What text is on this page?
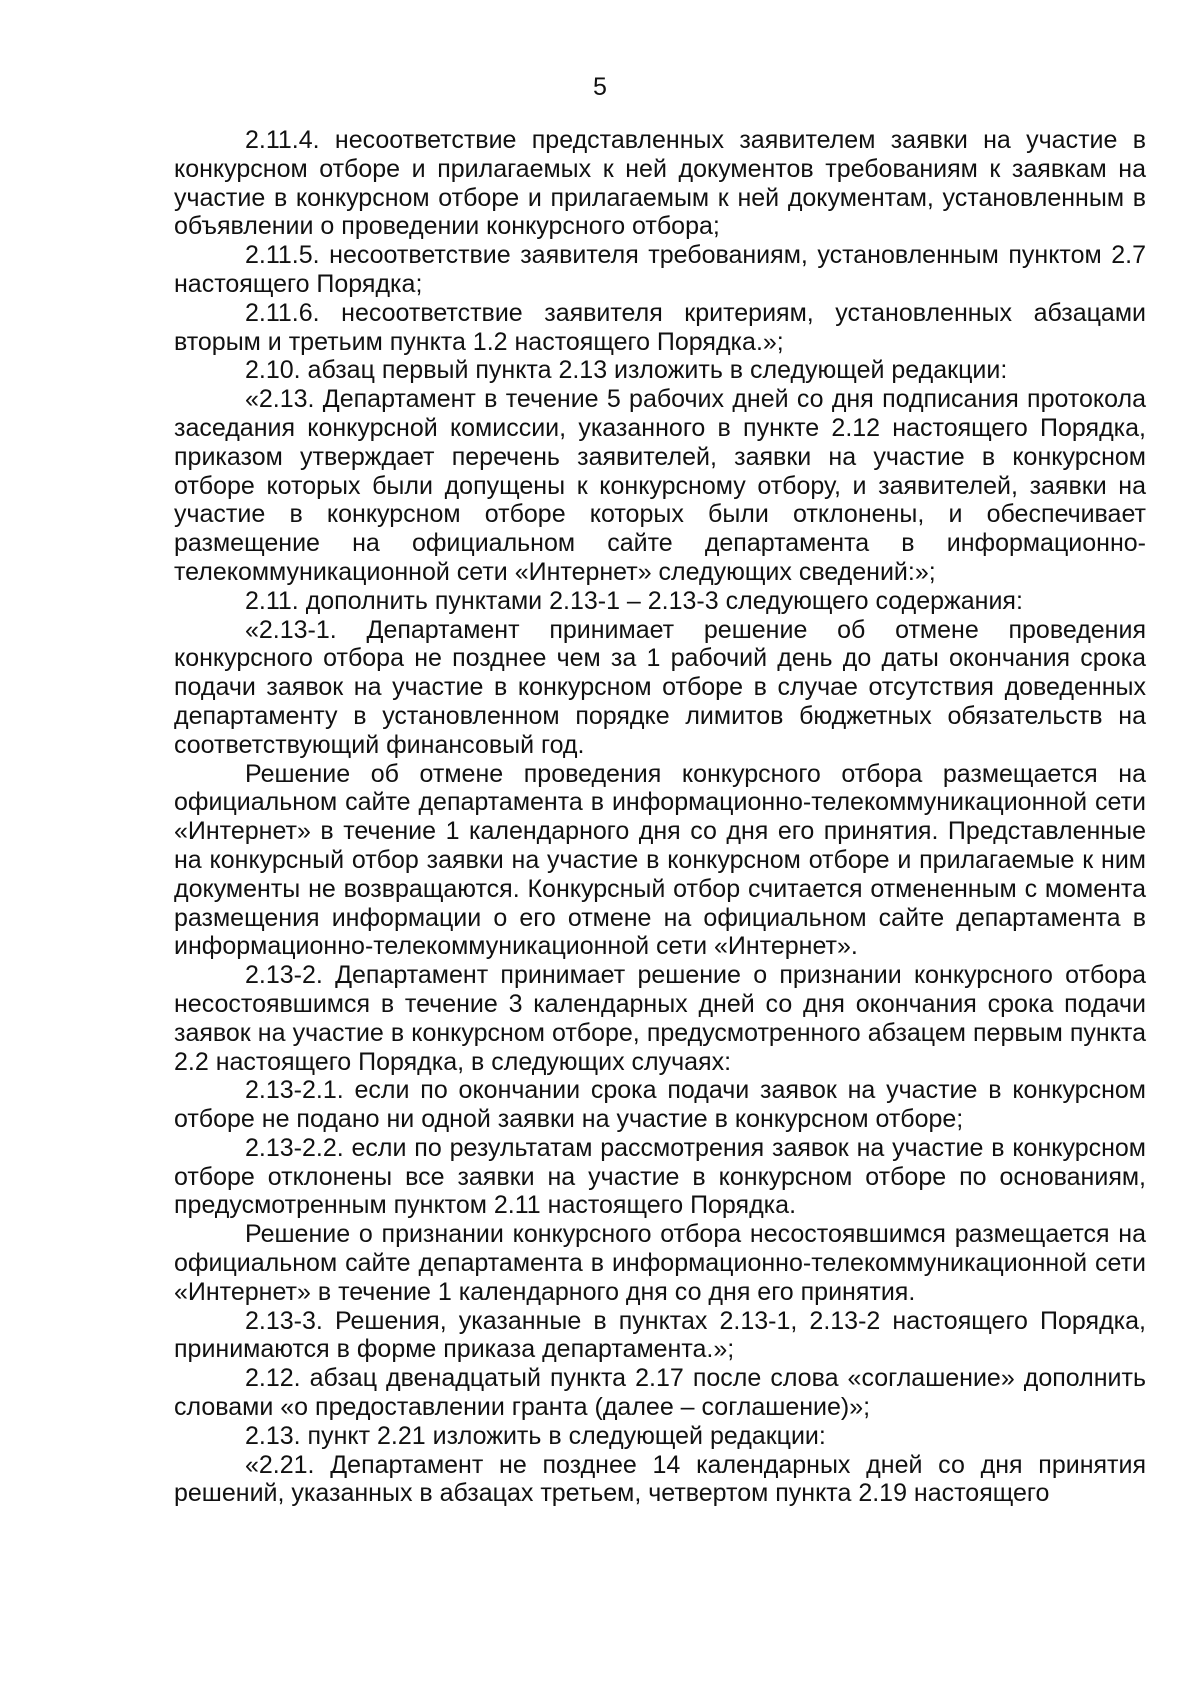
5

2.11.4. несоответствие представленных заявителем заявки на участие в конкурсном отборе и прилагаемых к ней документов требованиям к заявкам на участие в конкурсном отборе и прилагаемым к ней документам, установленным в объявлении о проведении конкурсного отбора;

2.11.5. несоответствие заявителя требованиям, установленным пунктом 2.7 настоящего Порядка;

2.11.6. несоответствие заявителя критериям, установленных абзацами вторым и третьим пункта 1.2 настоящего Порядка.»;

2.10. абзац первый пункта 2.13 изложить в следующей редакции:

«2.13. Департамент в течение 5 рабочих дней со дня подписания протокола заседания конкурсной комиссии, указанного в пункте 2.12 настоящего Порядка, приказом утверждает перечень заявителей, заявки на участие в конкурсном отборе которых были допущены к конкурсному отбору, и заявителей, заявки на участие в конкурсном отборе которых были отклонены, и обеспечивает размещение на официальном сайте департамента в информационно-телекоммуникационной сети «Интернет» следующих сведений:»;

2.11. дополнить пунктами 2.13-1 – 2.13-3 следующего содержания:

«2.13-1. Департамент принимает решение об отмене проведения конкурсного отбора не позднее чем за 1 рабочий день до даты окончания срока подачи заявок на участие в конкурсном отборе в случае отсутствия доведенных департаменту в установленном порядке лимитов бюджетных обязательств на соответствующий финансовый год.

Решение об отмене проведения конкурсного отбора размещается на официальном сайте департамента в информационно-телекоммуникационной сети «Интернет» в течение 1 календарного дня со дня его принятия. Представленные на конкурсный отбор заявки на участие в конкурсном отборе и прилагаемые к ним документы не возвращаются. Конкурсный отбор считается отмененным с момента размещения информации о его отмене на официальном сайте департамента в информационно-телекоммуникационной сети «Интернет».

2.13-2. Департамент принимает решение о признании конкурсного отбора несостоявшимся в течение 3 календарных дней со дня окончания срока подачи заявок на участие в конкурсном отборе, предусмотренного абзацем первым пункта 2.2 настоящего Порядка, в следующих случаях:

2.13-2.1. если по окончании срока подачи заявок на участие в конкурсном отборе не подано ни одной заявки на участие в конкурсном отборе;

2.13-2.2. если по результатам рассмотрения заявок на участие в конкурсном отборе отклонены все заявки на участие в конкурсном отборе по основаниям, предусмотренным пунктом 2.11 настоящего Порядка.

Решение о признании конкурсного отбора несостоявшимся размещается на официальном сайте департамента в информационно-телекоммуникационной сети «Интернет» в течение 1 календарного дня со дня его принятия.

2.13-3. Решения, указанные в пунктах 2.13-1, 2.13-2 настоящего Порядка, принимаются в форме приказа департамента.»;

2.12. абзац двенадцатый пункта 2.17 после слова «соглашение» дополнить словами «о предоставлении гранта (далее – соглашение)»;

2.13. пункт 2.21 изложить в следующей редакции:

«2.21. Департамент не позднее 14 календарных дней со дня принятия решений, указанных в абзацах третьем, четвертом пункта 2.19 настоящего
